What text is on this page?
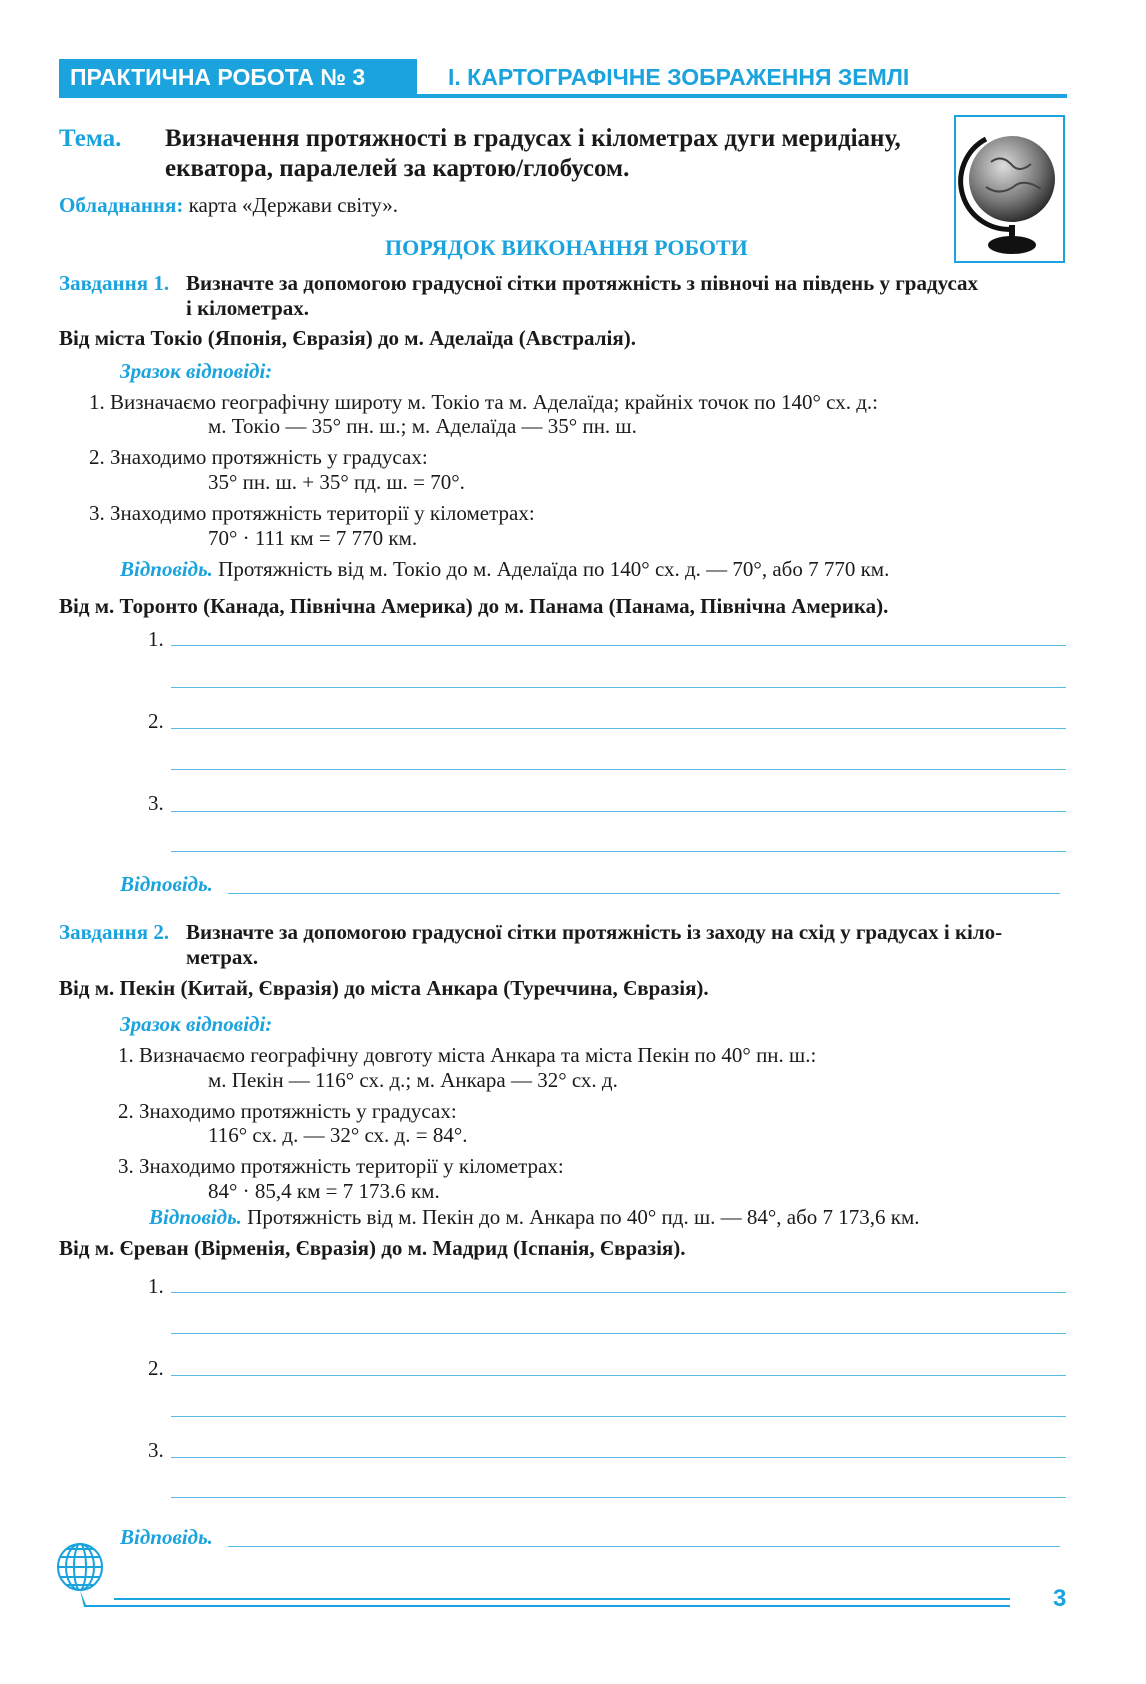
ПРАКТИЧНА РОБОТА № 3	І. КАРТОГРАФІЧНЕ ЗОБРАЖЕННЯ ЗЕМЛІ
Тема. Визначення протяжності в градусах і кілометрах дуги меридіану,
екватора, паралелей за картою/глобусом.
Обладнання: карта «Держави світу».
ПОРЯДОК ВИКОНАННЯ РОБОТИ
Завдання 1. Визначте за допомогою градусної сітки протяжність з півночі на південь у градусах
і кілометрах.
Від міста Токіо (Японія, Євразія) до м. Аделаїда (Австралія).
Зразок відповіді:
1. Визначаємо географічну широту м. Токіо та м. Аделаїда; крайніх точок по 140° сх. д.:
м. Токіо — 35° пн. ш.; м. Аделаїда — 35° пн. ш.
2. Знаходимо протяжність у градусах:
35° пн. ш. + 35° пд. ш. = 70°.
3. Знаходимо протяжність території у кілометрах:
70° · 111 км = 7 770 км.
Відповідь. Протяжність від м. Токіо до м. Аделаїда по 140° сх. д. — 70°, або 7 770 км.
Від м. Торонто (Канада, Північна Америка) до м. Панама (Панама, Північна Америка).
1.
2.
3.
Відповідь.
Завдання 2. Визначте за допомогою градусної сітки протяжність із заходу на схід у градусах і кіло-
метрах.
Від м. Пекін (Китай, Євразія) до міста Анкара (Туреччина, Євразія).
Зразок відповіді:
1. Визначаємо географічну довготу міста Анкара та міста Пекін по 40° пн. ш.:
м. Пекін — 116° сх. д.; м. Анкара — 32° сх. д.
2. Знаходимо протяжність у градусах:
116° сх. д. — 32° сх. д. = 84°.
3. Знаходимо протяжність території у кілометрах:
84° · 85,4 км = 7 173.6 км.
Відповідь. Протяжність від м. Пекін до м. Анкара по 40° пд. ш. — 84°, або 7 173,6 км.
Від м. Єреван (Вірменія, Євразія) до м. Мадрид (Іспанія, Євразія).
1.
2.
3.
Відповідь.
3
